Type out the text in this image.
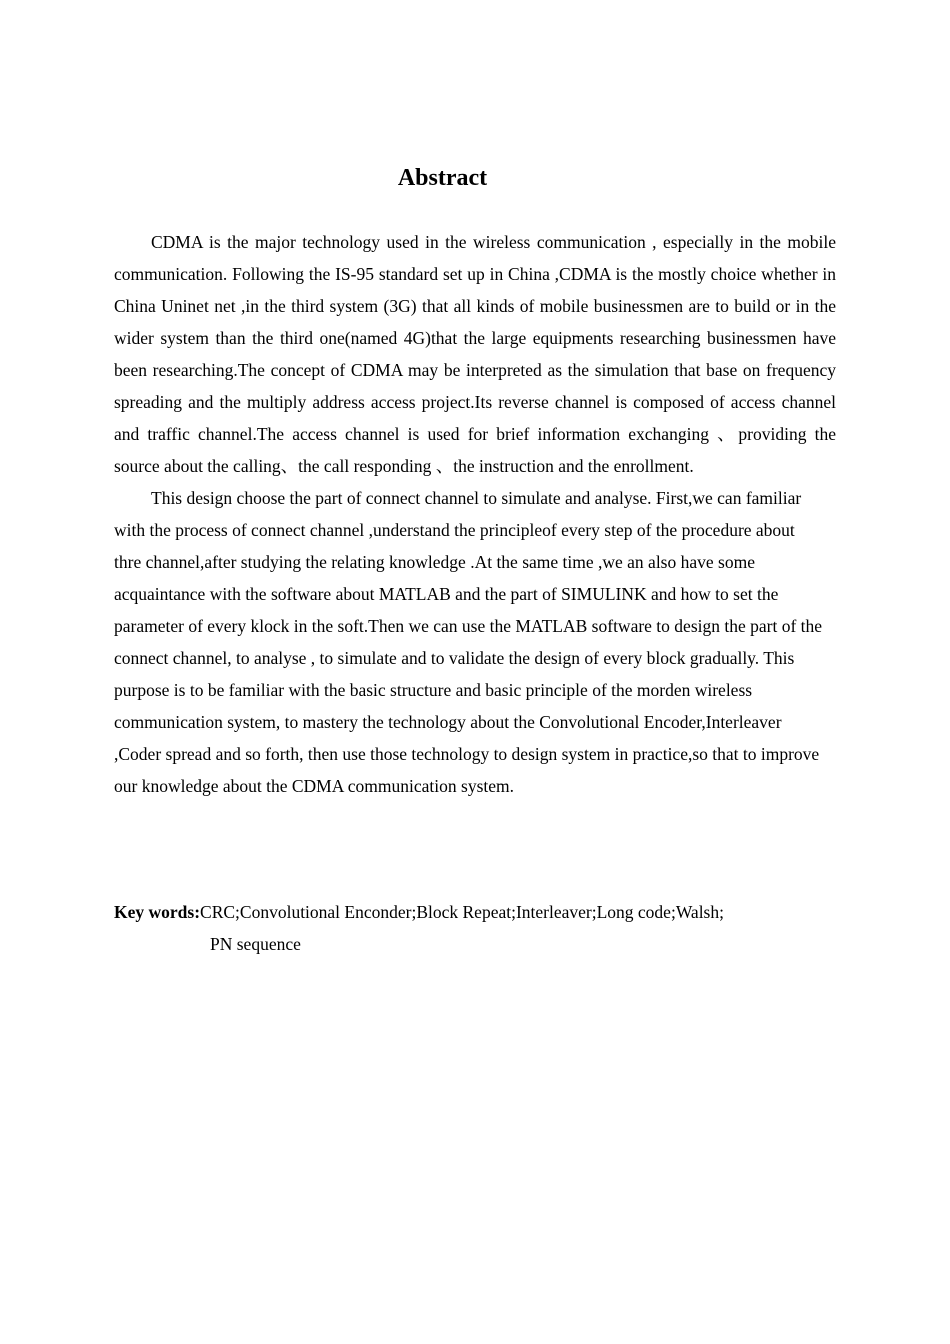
Abstract

CDMA is the major technology used in the wireless communication , especially in the mobile communication. Following the IS-95 standard set up in China ,CDMA is the mostly choice whether in China Uninet net ,in the third system (3G) that all kinds of mobile businessmen are to build or in the wider system than the third one(named 4G)that the large equipments researching businessmen have been researching.The concept of CDMA may be interpreted as the simulation that base on frequency spreading and the multiply address access project.Its reverse channel is composed of access channel and traffic channel.The access channel is used for brief information exchanging 、providing the source about the calling、the call responding 、the instruction and the enrollment.

This design choose the part of connect channel to simulate and analyse. First,we can familiar with the process of connect channel ,understand the principleof every step of the procedure about thre channel,after studying the relating knowledge .At the same time ,we an also have some acquaintance with the software about MATLAB and the part of SIMULINK and how to set the parameter of every klock in the soft.Then we can use the MATLAB software to design the part of the connect channel, to analyse , to simulate and to validate the design of every block gradually. This purpose is to be familiar with the basic structure and basic principle of the morden wireless communication system, to mastery the technology about the Convolutional Encoder,Interleaver ,Coder spread and so forth, then use those technology to design system in practice,so that to improve our knowledge about the CDMA communication system.

Key words:CRC;Convolutional Enconder;Block Repeat;Interleaver;Long code;Walsh;
PN sequence
